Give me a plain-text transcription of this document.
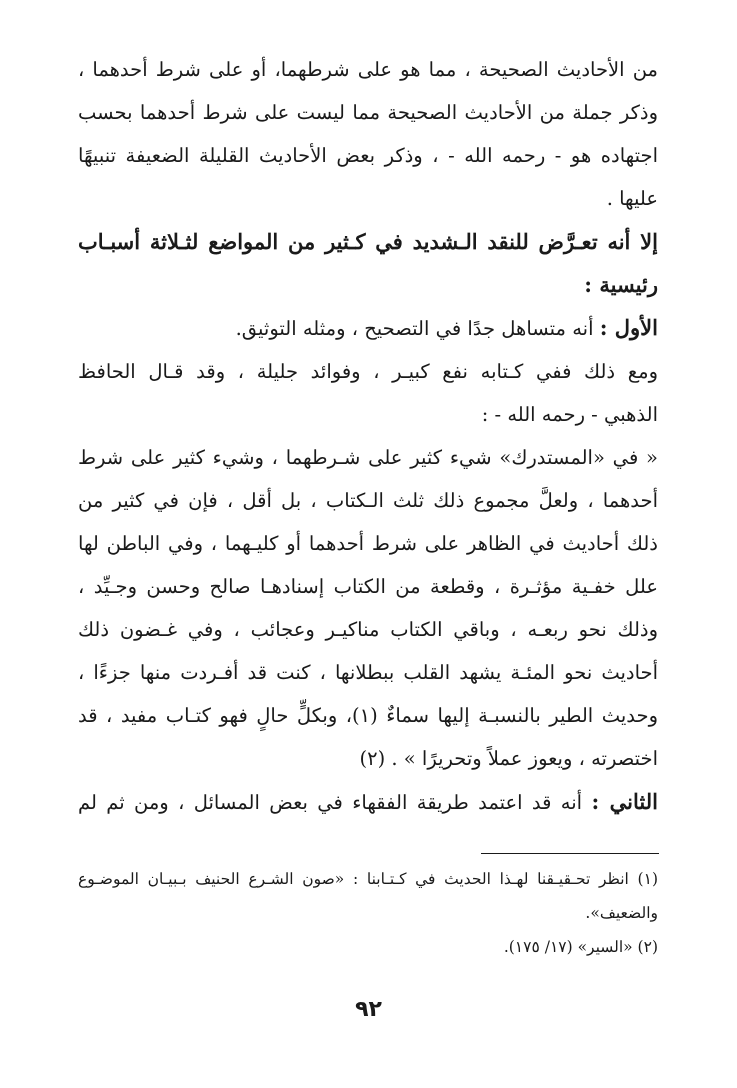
من الأحاديث الصحيحة ، مما هو على شرطهما، أو على شرط أحدهما ،
وذكر جملة من الأحاديث الصحيحة مما ليست على شرط أحدهما بحسب
اجتهاده هو - رحمه الله - ، وذكر بعض الأحاديث القليلة الضعيفة تنبيهًا
عليها .

إلا أنه تعـرَّض للنقد الـشديد في كـثير من المواضع لثـلاثة أسبـاب
رئيسية :

الأول : أنه متساهل جدًا في التصحيح ، ومثله التوثيق.

ومع ذلك ففي كـتابه نفع كبيـر ، وفوائد جليلة ، وقد قـال الحافظ
الذهبي - رحمه الله - :

« في «المستدرك» شيء كثير على شـرطهما ، وشيء كثير على شرط
أحدهما ، ولعلَّ مجموع ذلك ثلث الـكتاب ، بل أقل ، فإن في كثير من
ذلك أحاديث في الظاهر على شرط أحدهما أو كليـهما ، وفي الباطن لها
علل خفـية مؤثـرة ، وقطعة من الكتاب إسنادهـا صالح وحسن وجـيِّد ،
وذلك نحو ربعـه ، وباقي الكتاب مناكيـر وعجائب ، وفي غـضون ذلك
أحاديث نحو المئـة يشهد القلب ببطلانها ، كنت قد أفـردت منها جزءًا ،
وحديث الطير بالنسبـة إليها سماءٌ (١)، وبكلٍّ حالٍ فهو كتـاب مفيد ، قد
اختصرته ، ويعوز عملاً وتحريرًا » . (٢)

الثاني : أنه قد اعتمد طريقة الفقهاء في بعض المسائل ، ومن ثم لم

(١) انظر تحـقيـقنا لهـذا الحديث في كـتـابنا : «صون الشـرع الحنيف بـبيـان الموضـوع
والضعيف».

(٢) «السير» (١٧/ ١٧٥).

٩٢
